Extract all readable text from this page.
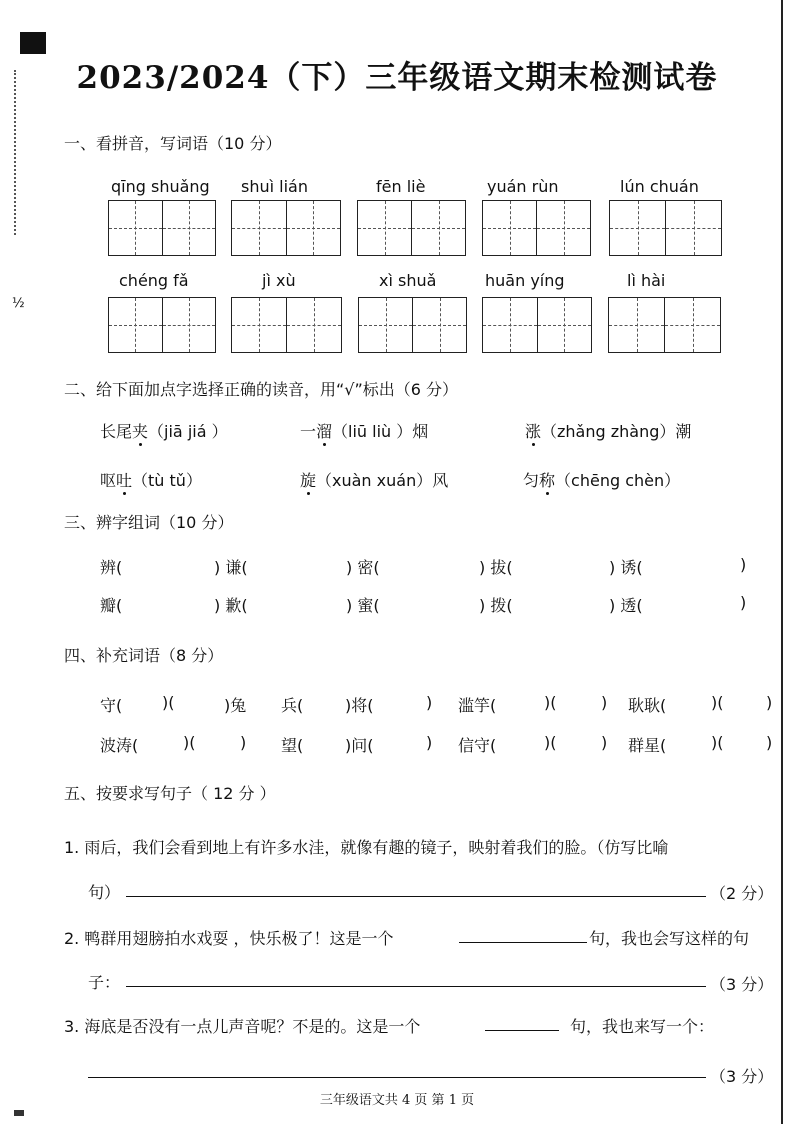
½
2023/2024（下）三年级语文期末检测试卷
一、看拼音，写词语（10 分）
qīng shuǎng shuì lián	fēn liè	yuán rùn	lún chuán
chéng fǎ	jì xù	xì shuǎ	huān yíng	lì hài
二、给下面加点字选择正确的读音，用“√”标出（6 分）
长尾夹（jiā jiá ）	一溜（liū liù ）烟	涨（zhǎng zhàng）潮
呕吐（tù tǔ）	旋（xuàn xuán）风	匀称（chēng chèn）
三、辨字组词（10 分）
辨(	) 谦(	) 密(	) 拔(	) 诱(	)
瓣(	) 歉(	) 蜜(	) 拨(	) 透(	)
四、补充词语（8 分）
守( )(	)兔 兵(	)将(	) 滥竽(	)(	) 耿耿(	)(	)
波涛(	)(	) 望(	)问(	) 信守(	)(	) 群星(	)(	)
五、按要求写句子（ 12 分 ）
1. 雨后，我们会看到地上有许多水洼，就像有趣的镜子，映射着我们的脸。（仿写比喻
句）	（2 分）
2. 鸭群用翅膀拍水戏耍 ，快乐极了！这是一个	句，我也会写这样的句
子：	（3 分）
3. 海底是否没有一点儿声音呢？不是的。这是一个	句，我也来写一个：
（3 分）
三年级语文共 4 页 第 1 页
